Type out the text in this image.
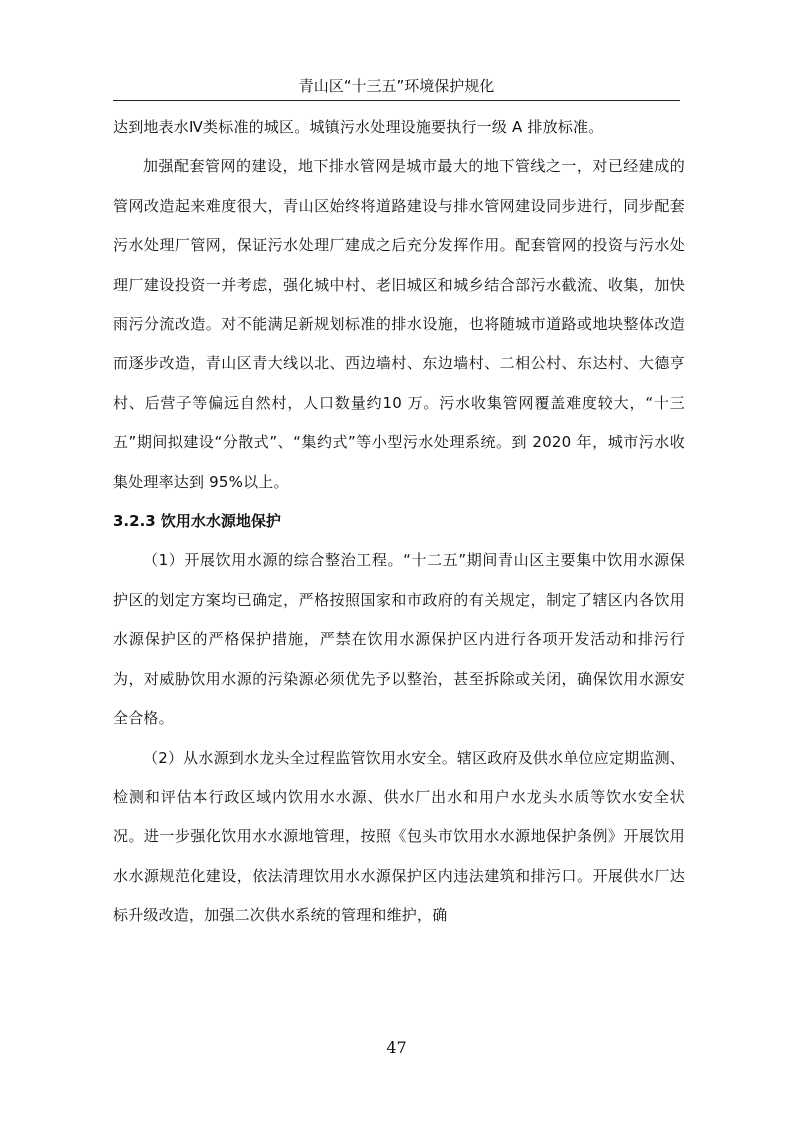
青山区“十三五”环境保护规化

达到地表水Ⅳ类标准的城区。城镇污水处理设施要执行一级 A 排放标准。

加强配套管网的建设，地下排水管网是城市最大的地下管线之一，对已经建成的管网改造起来难度很大，青山区始终将道路建设与排水管网建设同步进行，同步配套污水处理厂管网，保证污水处理厂建成之后充分发挥作用。配套管网的投资与污水处理厂建设投资一并考虑，强化城中村、老旧城区和城乡结合部污水截流、收集，加快雨污分流改造。对不能满足新规划标准的排水设施，也将随城市道路或地块整体改造而逐步改造，青山区青大线以北、西边墙村、东边墙村、二相公村、东达村、大德亨村、后营子等偏远自然村，人口数量约10 万。污水收集管网覆盖难度较大，“十三五”期间拟建设“分散式”、“集约式”等小型污水处理系统。到 2020 年，城市污水收集处理率达到 95%以上。

3.2.3 饮用水水源地保护

（1）开展饮用水源的综合整治工程。“十二五”期间青山区主要集中饮用水源保护区的划定方案均已确定，严格按照国家和市政府的有关规定，制定了辖区内各饮用水源保护区的严格保护措施，严禁在饮用水源保护区内进行各项开发活动和排污行为，对威胁饮用水源的污染源必须优先予以整治，甚至拆除或关闭，确保饮用水源安全合格。

（2）从水源到水龙头全过程监管饮用水安全。辖区政府及供水单位应定期监测、检测和评估本行政区域内饮用水水源、供水厂出水和用户水龙头水质等饮水安全状况。进一步强化饮用水水源地管理，按照《包头市饮用水水源地保护条例》开展饮用水水源规范化建设，依法清理饮用水水源保护区内违法建筑和排污口。开展供水厂达标升级改造，加强二次供水系统的管理和维护，确

47
